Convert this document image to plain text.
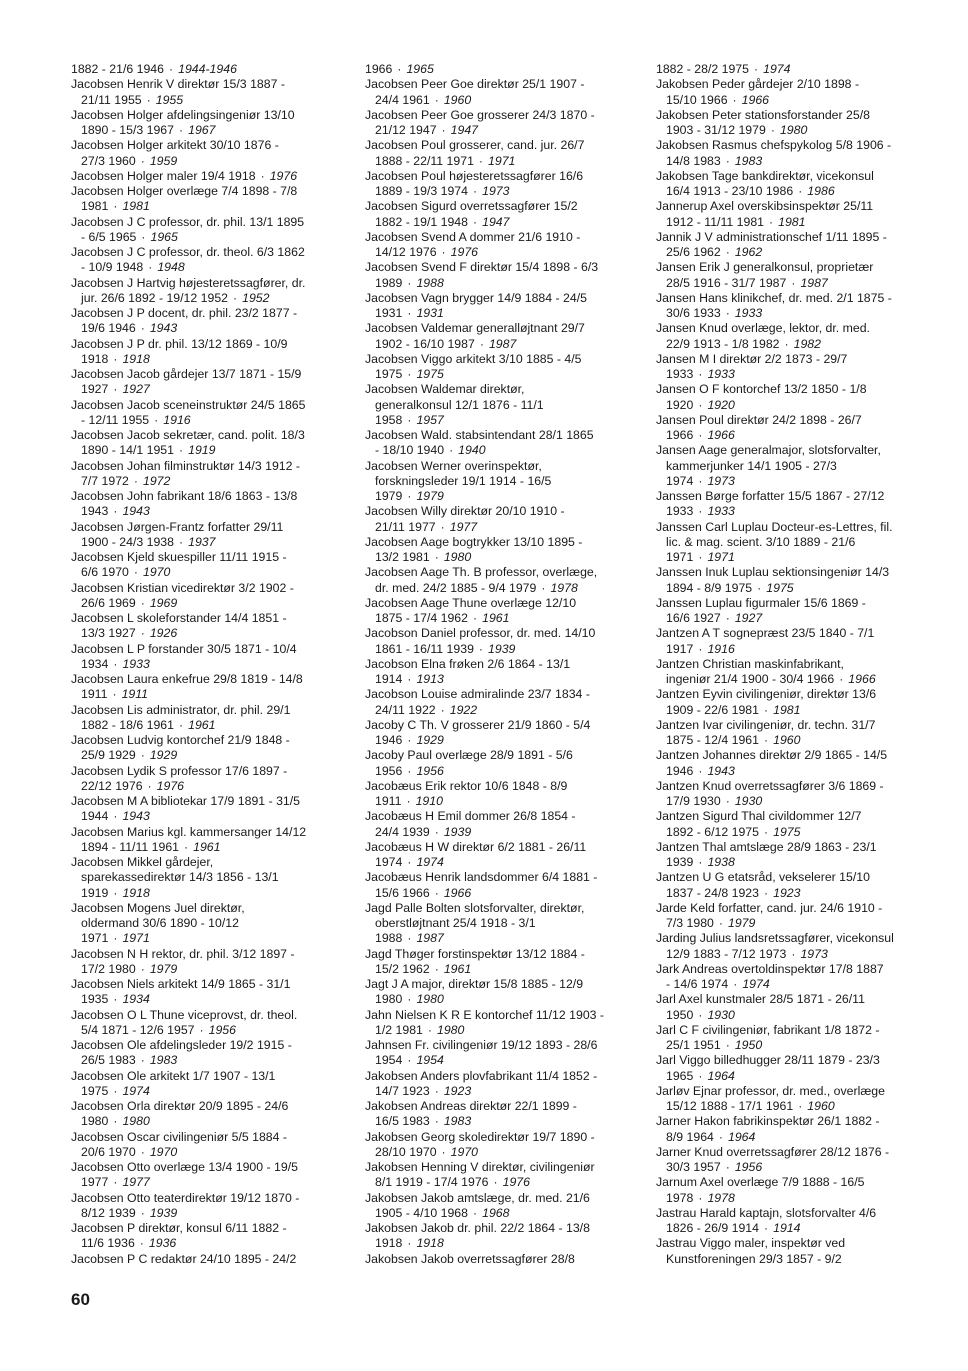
1882 - 21/6 1946 · 1944-1946

Jacobsen Henrik V direktør 15/3 1887 -
21/11 1955 · 1955

Jacobsen Holger afdelingsingeniør 13/10
1890 - 15/3 1967 · 1967

Jacobsen Holger arkitekt 30/10 1876 -
27/3 1960 · 1959

Jacobsen Holger maler 19/4 1918 · 1976

Jacobsen Holger overlæge 7/4 1898 - 7/8
1981 · 1981

Jacobsen J C professor, dr. phil. 13/1 1895
- 6/5 1965 · 1965

Jacobsen J C professor, dr. theol. 6/3 1862
- 10/9 1948 · 1948

Jacobsen J Hartvig højesteretssagfører, dr.
jur. 26/6 1892 - 19/12 1952 · 1952

Jacobsen J P docent, dr. phil. 23/2 1877 -
19/6 1946 · 1943

Jacobsen J P dr. phil. 13/12 1869 - 10/9
1918 · 1918

Jacobsen Jacob gårdejer 13/7 1871 - 15/9
1927 · 1927

Jacobsen Jacob sceneinstruktør 24/5 1865
- 12/11 1955 · 1916

Jacobsen Jacob sekretær, cand. polit. 18/3
1890 - 14/1 1951 · 1919

Jacobsen Johan filminstruktør 14/3 1912 -
7/7 1972 · 1972

Jacobsen John fabrikant 18/6 1863 - 13/8
1943 · 1943

Jacobsen Jørgen-Frantz forfatter 29/11
1900 - 24/3 1938 · 1937

Jacobsen Kjeld skuespiller 11/11 1915 -
6/6 1970 · 1970

Jacobsen Kristian vicedirektør 3/2 1902 -
26/6 1969 · 1969

Jacobsen L skoleforstander 14/4 1851 -
13/3 1927 · 1926

Jacobsen L P forstander 30/5 1871 - 10/4
1934 · 1933

Jacobsen Laura enkefrue 29/8 1819 - 14/8
1911 · 1911

Jacobsen Lis administrator, dr. phil. 29/1
1882 - 18/6 1961 · 1961

Jacobsen Ludvig kontorchef 21/9 1848 -
25/9 1929 · 1929

Jacobsen Lydik S professor 17/6 1897 -
22/12 1976 · 1976

Jacobsen M A bibliotekar 17/9 1891 - 31/5
1944 · 1943

Jacobsen Marius kgl. kammersanger 14/12
1894 - 11/11 1961 · 1961

Jacobsen Mikkel gårdejer,
sparekassedirektør 14/3 1856 - 13/1
1919 · 1918

Jacobsen Mogens Juel direktør,
oldermand 30/6 1890 - 10/12
1971 · 1971

Jacobsen N H rektor, dr. phil. 3/12 1897 -
17/2 1980 · 1979

Jacobsen Niels arkitekt 14/9 1865 - 31/1
1935 · 1934

Jacobsen O L Thune viceprovst, dr. theol.
5/4 1871 - 12/6 1957 · 1956

Jacobsen Ole afdelingsleder 19/2 1915 -
26/5 1983 · 1983

Jacobsen Ole arkitekt 1/7 1907 - 13/1
1975 · 1974

Jacobsen Orla direktør 20/9 1895 - 24/6
1980 · 1980

Jacobsen Oscar civilingeniør 5/5 1884 -
20/6 1970 · 1970

Jacobsen Otto overlæge 13/4 1900 - 19/5
1977 · 1977

Jacobsen Otto teaterdirektør 19/12 1870 -
8/12 1939 · 1939

Jacobsen P direktør, konsul 6/11 1882 -
11/6 1936 · 1936

Jacobsen P C redaktør 24/10 1895 - 24/2

1966 · 1965

Jacobsen Peer Goe direktør 25/1 1907 -
24/4 1961 · 1960

Jacobsen Peer Goe grosserer 24/3 1870 -
21/12 1947 · 1947

Jacobsen Poul grosserer, cand. jur. 26/7
1888 - 22/11 1971 · 1971

Jacobsen Poul højesteretssagfører 16/6
1889 - 19/3 1974 · 1973

Jacobsen Sigurd overretssagfører 15/2
1882 - 19/1 1948 · 1947

Jacobsen Svend A dommer 21/6 1910 -
14/12 1976 · 1976

Jacobsen Svend F direktør 15/4 1898 - 6/3
1989 · 1988

Jacobsen Vagn brygger 14/9 1884 - 24/5
1931 · 1931

Jacobsen Valdemar generalløjtnant 29/7
1902 - 16/10 1987 · 1987

Jacobsen Viggo arkitekt 3/10 1885 - 4/5
1975 · 1975

Jacobsen Waldemar direktør,
generalkonsul 12/1 1876 - 11/1
1958 · 1957

Jacobsen Wald. stabsintendant 28/1 1865
- 18/10 1940 · 1940

Jacobsen Werner overinspektør,
forskningsleder 19/1 1914 - 16/5
1979 · 1979

Jacobsen Willy direktør 20/10 1910 -
21/11 1977 · 1977

Jacobsen Aage bogtrykker 13/10 1895 -
13/2 1981 · 1980

Jacobsen Aage Th. B professor, overlæge,
dr. med. 24/2 1885 - 9/4 1979 · 1978

Jacobsen Aage Thune overlæge 12/10
1875 - 17/4 1962 · 1961

Jacobson Daniel professor, dr. med. 14/10
1861 - 16/11 1939 · 1939

Jacobson Elna frøken 2/6 1864 - 13/1
1914 · 1913

Jacobson Louise admiralinde 23/7 1834 -
24/11 1922 · 1922

Jacoby C Th. V grosserer 21/9 1860 - 5/4
1946 · 1929

Jacoby Paul overlæge 28/9 1891 - 5/6
1956 · 1956

Jacobæus Erik rektor 10/6 1848 - 8/9
1911 · 1910

Jacobæus H Emil dommer 26/8 1854 -
24/4 1939 · 1939

Jacobæus H W direktør 6/2 1881 - 26/11
1974 · 1974

Jacobæus Henrik landsdommer 6/4 1881 -
15/6 1966 · 1966

Jagd Palle Bolten slotsforvalter, direktør,
oberstløjtnant 25/4 1918 - 3/1
1988 · 1987

Jagd Thøger forstinspektør 13/12 1884 -
15/2 1962 · 1961

Jagt J A major, direktør 15/8 1885 - 12/9
1980 · 1980

Jahn Nielsen K R E kontorchef 11/12 1903 -
1/2 1981 · 1980

Jahnsen Fr. civilingeniør 19/12 1893 - 28/6
1954 · 1954

Jakobsen Anders plovfabrikant 11/4 1852 -
14/7 1923 · 1923

Jakobsen Andreas direktør 22/1 1899 -
16/5 1983 · 1983

Jakobsen Georg skoledirektør 19/7 1890 -
28/10 1970 · 1970

Jakobsen Henning V direktør, civilingeniør
8/1 1919 - 17/4 1976 · 1976

Jakobsen Jakob amtslæge, dr. med. 21/6
1905 - 4/10 1968 · 1968

Jakobsen Jakob dr. phil. 22/2 1864 - 13/8
1918 · 1918

Jakobsen Jakob overretssagfører 28/8

1882 - 28/2 1975 · 1974

Jakobsen Peder gårdejer 2/10 1898 -
15/10 1966 · 1966

Jakobsen Peter stationsforstander 25/8
1903 - 31/12 1979 · 1980

Jakobsen Rasmus chefspykolog 5/8 1906 -
14/8 1983 · 1983

Jakobsen Tage bankdirektør, vicekonsul
16/4 1913 - 23/10 1986 · 1986

Jannerup Axel overskibsinspektør 25/11
1912 - 11/11 1981 · 1981

Jannik J V administrationschef 1/11 1895 -
25/6 1962 · 1962

Jansen Erik J generalkonsul, proprietær
28/5 1916 - 31/7 1987 · 1987

Jansen Hans klinikchef, dr. med. 2/1 1875 -
30/6 1933 · 1933

Jansen Knud overlæge, lektor, dr. med.
22/9 1913 - 1/8 1982 · 1982

Jansen M I direktør 2/2 1873 - 29/7
1933 · 1933

Jansen O F kontorchef 13/2 1850 - 1/8
1920 · 1920

Jansen Poul direktør 24/2 1898 - 26/7
1966 · 1966

Jansen Aage generalmajor, slotsforvalter,
kammerjunker 14/1 1905 - 27/3
1974 · 1973

Janssen Børge forfatter 15/5 1867 - 27/12
1933 · 1933

Janssen Carl Luplau Docteur-es-Lettres, fil.
lic. & mag. scient. 3/10 1889 - 21/6
1971 · 1971

Janssen Inuk Luplau sektionsingeniør 14/3
1894 - 8/9 1975 · 1975

Janssen Luplau figurmaler 15/6 1869 -
16/6 1927 · 1927

Jantzen A T sognepræst 23/5 1840 - 7/1
1917 · 1916

Jantzen Christian maskinfabrikant,
ingeniør 21/4 1900 - 30/4 1966 · 1966

Jantzen Eyvin civilingeniør, direktør 13/6
1909 - 22/6 1981 · 1981

Jantzen Ivar civilingeniør, dr. techn. 31/7
1875 - 12/4 1961 · 1960

Jantzen Johannes direktør 2/9 1865 - 14/5
1946 · 1943

Jantzen Knud overretssagfører 3/6 1869 -
17/9 1930 · 1930

Jantzen Sigurd Thal civildommer 12/7
1892 - 6/12 1975 · 1975

Jantzen Thal amtslæge 28/9 1863 - 23/1
1939 · 1938

Jantzen U G etatsråd, vekselerer 15/10
1837 - 24/8 1923 · 1923

Jarde Keld forfatter, cand. jur. 24/6 1910 -
7/3 1980 · 1979

Jarding Julius landsretssagfører, vicekonsul
12/9 1883 - 7/12 1973 · 1973

Jark Andreas overtoldinspektør 17/8 1887
- 14/6 1974 · 1974

Jarl Axel kunstmaler 28/5 1871 - 26/11
1950 · 1930

Jarl C F civilingeniør, fabrikant 1/8 1872 -
25/1 1951 · 1950

Jarl Viggo billedhugger 28/11 1879 - 23/3
1965 · 1964

Jarløv Ejnar professor, dr. med., overlæge
15/12 1888 - 17/1 1961 · 1960

Jarner Hakon fabrikinspektør 26/1 1882 -
8/9 1964 · 1964

Jarner Knud overretssagfører 28/12 1876 -
30/3 1957 · 1956

Jarnum Axel overlæge 7/9 1888 - 16/5
1978 · 1978

Jastrau Harald kaptajn, slotsforvalter 4/6
1826 - 26/9 1914 · 1914

Jastrau Viggo maler, inspektør ved
Kunstforeningen 29/3 1857 - 9/2

60
